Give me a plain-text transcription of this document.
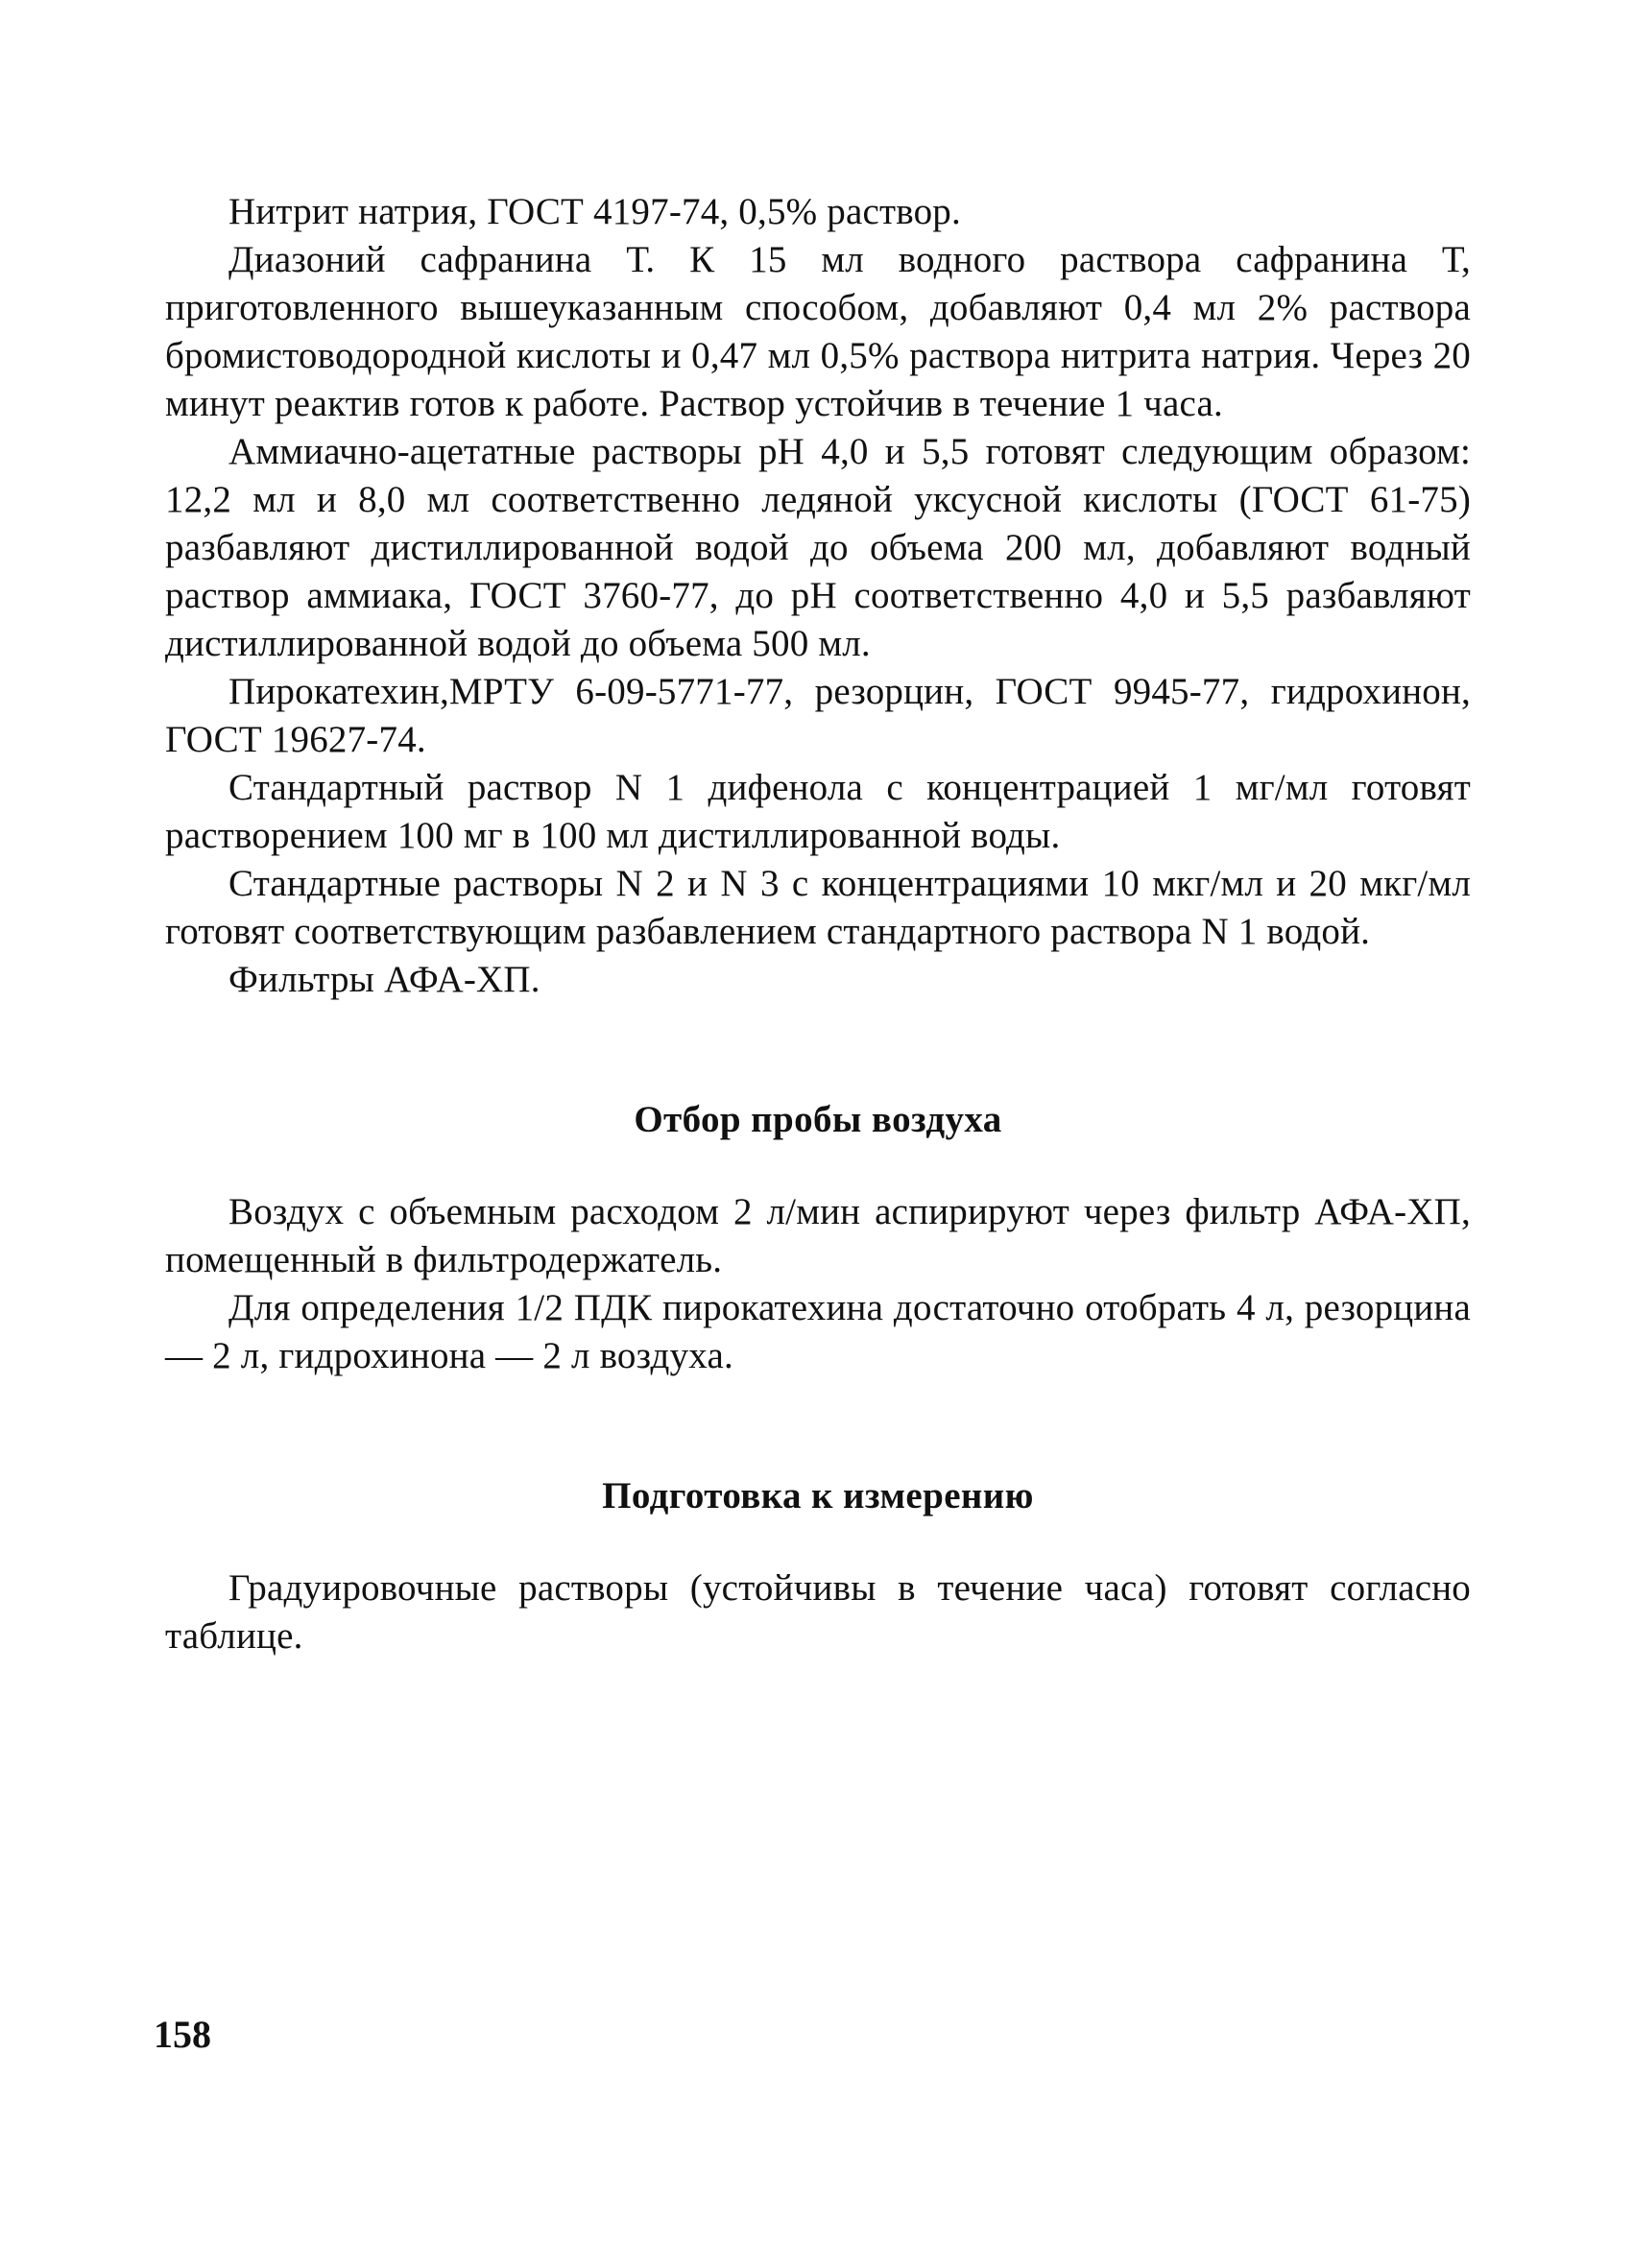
Нитрит натрия, ГОСТ 4197-74, 0,5% раствор.

Диазоний сафранина Т. К 15 мл водного раствора сафранина Т, приготовленного вышеуказанным способом, добавляют 0,4 мл 2% раствора бромистоводородной кислоты и 0,47 мл 0,5% раствора нитрита натрия. Через 20 минут реактив готов к работе. Раствор устойчив в течение 1 часа.

Аммиачно-ацетатные растворы рН 4,0 и 5,5 готовят следующим образом: 12,2 мл и 8,0 мл соответственно ледяной уксусной кислоты (ГОСТ 61-75) разбавляют дистиллированной водой до объема 200 мл, добавляют водный раствор аммиака, ГОСТ 3760-77, до рН соответственно 4,0 и 5,5 разбавляют дистиллированной водой до объема 500 мл.

Пирокатехин,МРТУ 6-09-5771-77, резорцин, ГОСТ 9945-77, гидрохинон, ГОСТ 19627-74.

Стандартный раствор N 1 дифенола с концентрацией 1 мг/мл готовят растворением 100 мг в 100 мл дистиллированной воды.

Стандартные растворы N 2 и N 3 с концентрациями 10 мкг/мл и 20 мкг/мл готовят соответствующим разбавлением стандартного раствора N 1 водой.

Фильтры АФА-ХП.

Отбор пробы воздуха

Воздух с объемным расходом 2 л/мин аспирируют через фильтр АФА-ХП, помещенный в фильтродержатель.

Для определения 1/2 ПДК пирокатехина достаточно отобрать 4 л, резорцина — 2 л, гидрохинона — 2 л воздуха.

Подготовка к измерению

Градуировочные растворы (устойчивы в течение часа) готовят согласно таблице.

158
